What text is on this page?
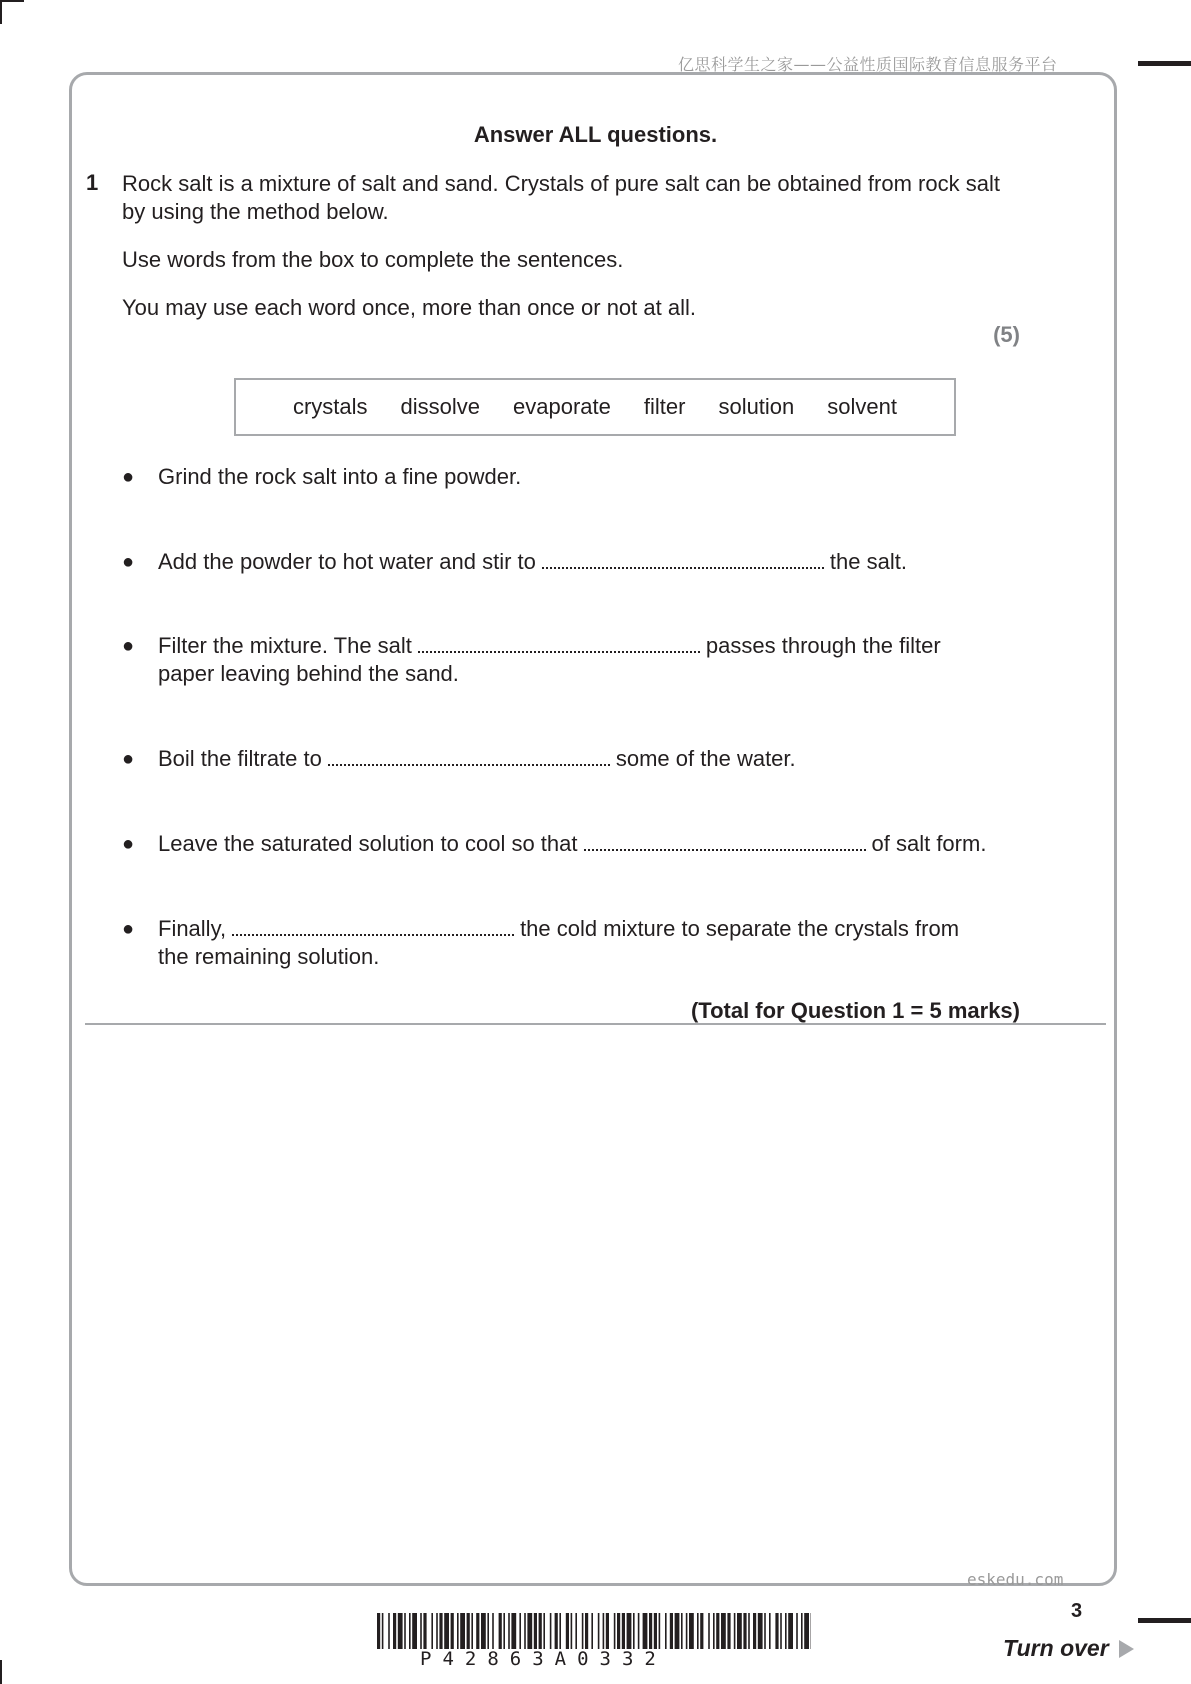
亿思科学生之家——公益性质国际教育信息服务平台
Answer ALL questions.
1 Rock salt is a mixture of salt and sand. Crystals of pure salt can be obtained from rock salt
by using the method below.
Use words from the box to complete the sentences.
You may use each word once, more than once or not at all.
(5)
crystals dissolve evaporate filter solution solvent
●	Grind the rock salt into a fine powder.
●	Add the powder to hot water and stir to	the salt.
●	Filter the mixture. The salt	passes through the filter
paper leaving behind the sand.
●	Boil the filtrate to	some of the water.
●	Leave the saturated solution to cool so that	of salt form.
●	Finally,	the cold mixture to separate the crystals from
the remaining solution.
(Total for Question 1 = 5 marks)
eskedu.com
3
Turn over
P42863A0332
